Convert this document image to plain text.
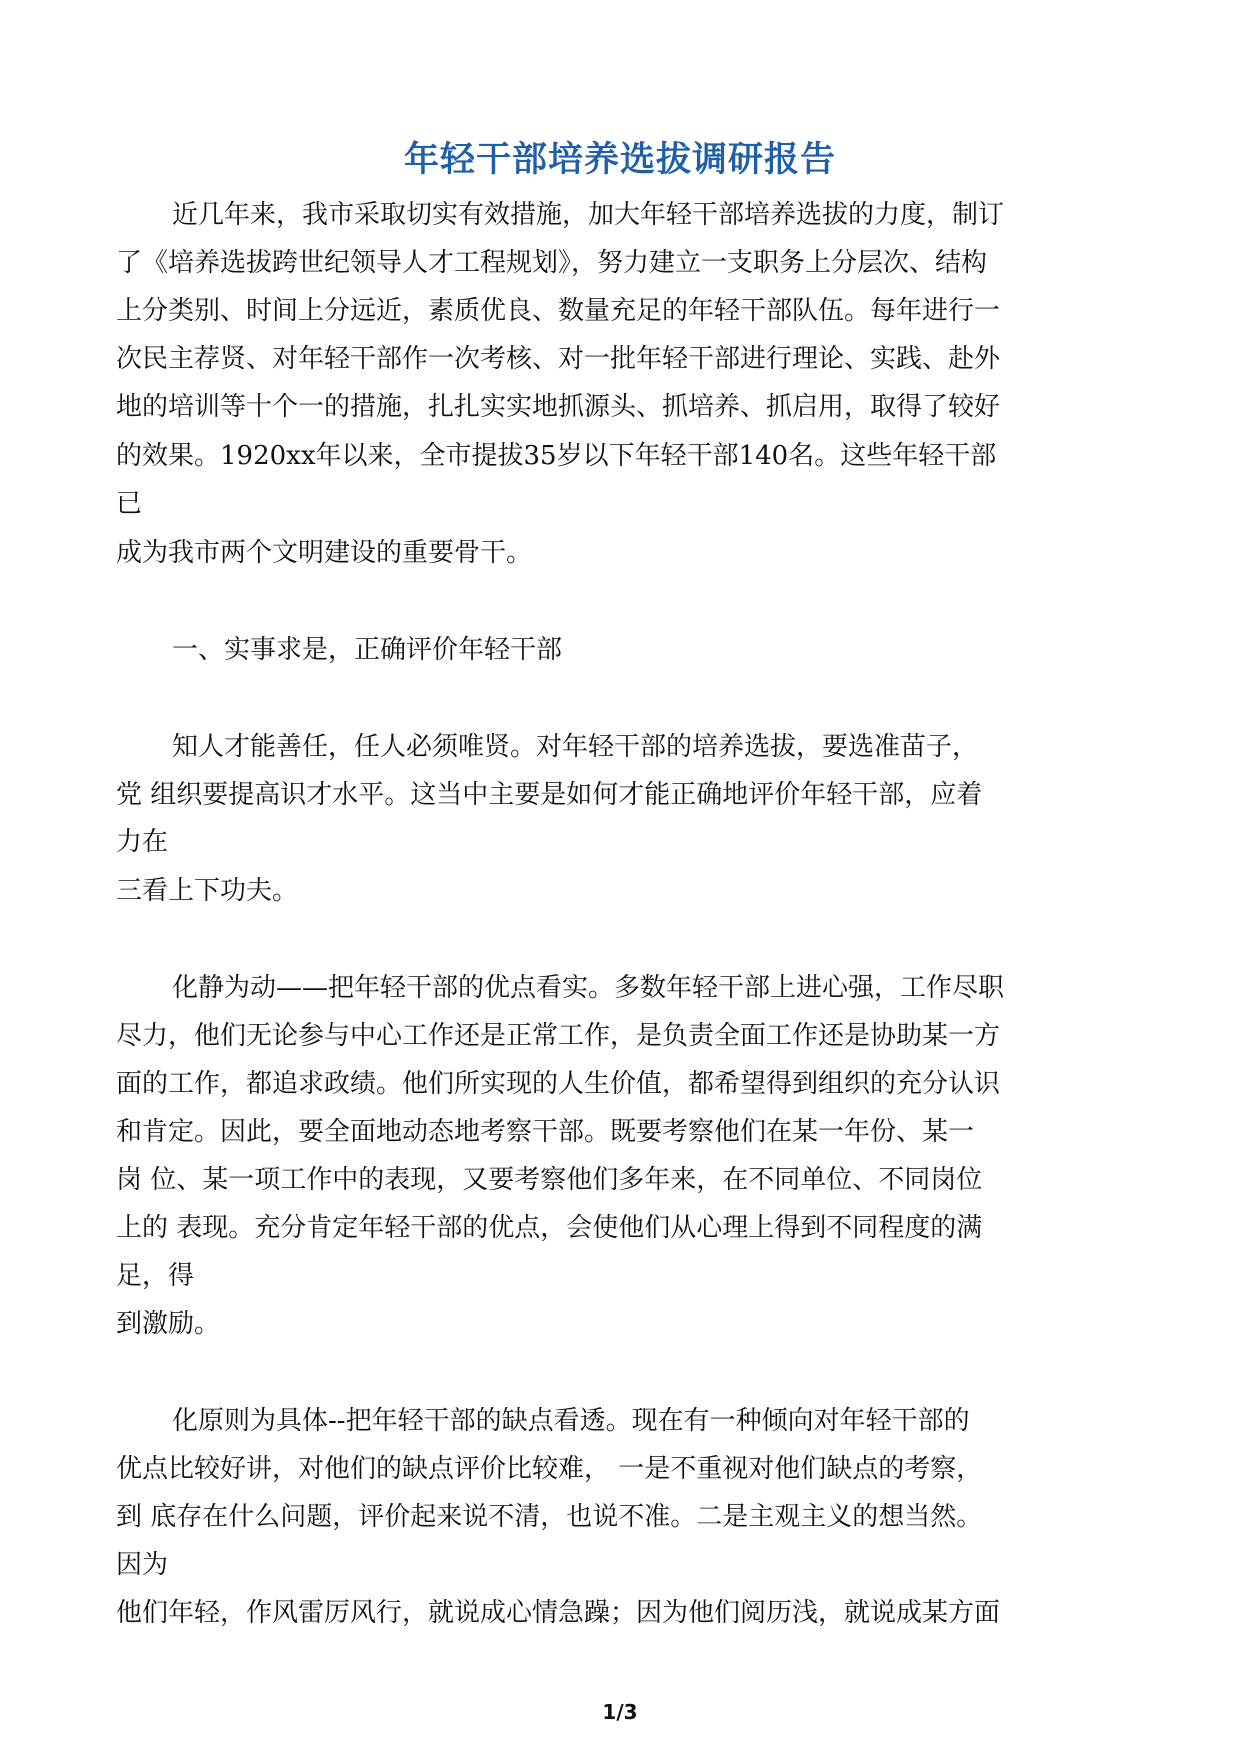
年轻干部培养选拔调研报告
近几年来，我市采取切实有效措施，加大年轻干部培养选拔的力度，制订
了《培养选拔跨世纪领导人才工程规划》，努力建立一支职务上分层次、结构
上分类别、时间上分远近，素质优良、数量充足的年轻干部队伍。每年进行一
次民主荐贤、对年轻干部作一次考核、对一批年轻干部进行理论、实践、赴外
地的培训等十个一的措施，扎扎实实地抓源头、抓培养、抓启用，取得了较好
的效果。1920xx年以来，全市提拔35岁以下年轻干部140名。这些年轻干部
已
成为我市两个文明建设的重要骨干。
一、实事求是，正确评价年轻干部
知人才能善任，任人必须唯贤。对年轻干部的培养选拔，要选准苗子，
党 组织要提高识才水平。这当中主要是如何才能正确地评价年轻干部，应着
力在
三看上下功夫。
化静为动——把年轻干部的优点看实。多数年轻干部上进心强，工作尽职
尽力，他们无论参与中心工作还是正常工作，是负责全面工作还是协助某一方
面的工作，都追求政绩。他们所实现的人生价值，都希望得到组织的充分认识
和肯定。因此，要全面地动态地考察干部。既要考察他们在某一年份、某一
岗 位、某一项工作中的表现，又要考察他们多年来，在不同单位、不同岗位
上的 表现。充分肯定年轻干部的优点，会使他们从心理上得到不同程度的满
足，得
到激励。
化原则为具体--把年轻干部的缺点看透。现在有一种倾向对年轻干部的
优点比较好讲，对他们的缺点评价比较难， 一是不重视对他们缺点的考察，
到 底存在什么问题，评价起来说不清，也说不准。二是主观主义的想当然。
因为
他们年轻，作风雷厉风行，就说成心情急躁；因为他们阅历浅，就说成某方面
1/3
